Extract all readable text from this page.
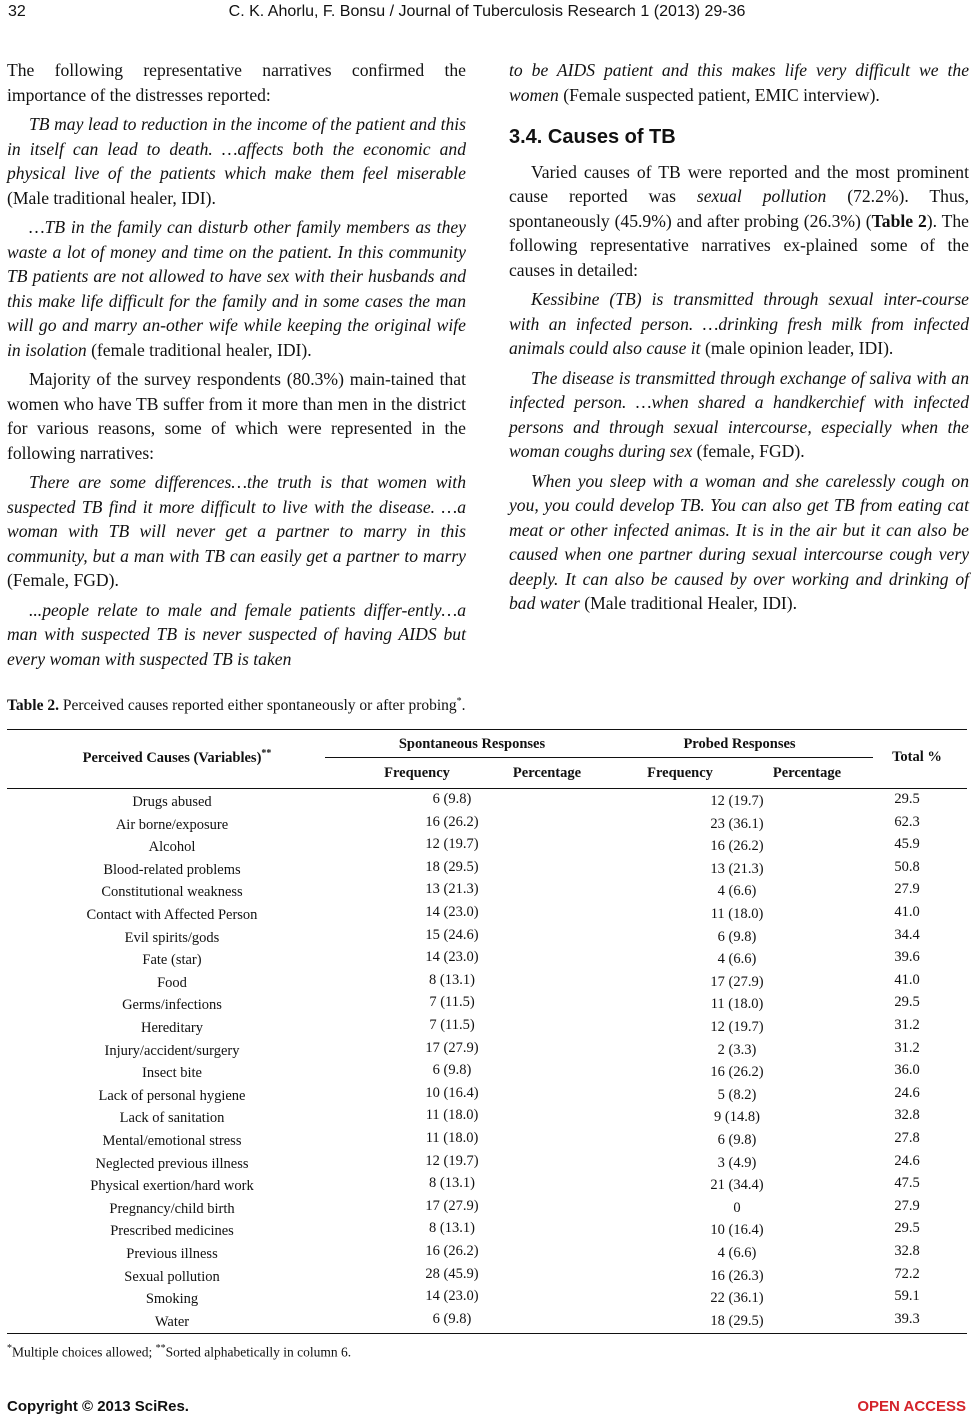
32	C. K. Ahorlu, F. Bonsu / Journal of Tuberculosis Research 1 (2013) 29-36

The following representative narratives confirmed the importance of the distresses reported:

TB may lead to reduction in the income of the patient and this in itself can lead to death. …affects both the economic and physical live of the patients which make them feel miserable (Male traditional healer, IDI).

…TB in the family can disturb other family members as they waste a lot of money and time on the patient. In this community TB patients are not allowed to have sex with their husbands and this make life difficult for the family and in some cases the man will go and marry an-other wife while keeping the original wife in isolation (female traditional healer, IDI).

Majority of the survey respondents (80.3%) main-tained that women who have TB suffer from it more than men in the district for various reasons, some of which were represented in the following narratives:

There are some differences…the truth is that women with suspected TB find it more difficult to live with the disease. …a woman with TB will never get a partner to marry in this community, but a man with TB can easily get a partner to marry (Female, FGD).

...people relate to male and female patients differ-ently…a man with suspected TB is never suspected of having AIDS but every woman with suspected TB is taken

to be AIDS patient and this makes life very difficult we the women (Female suspected patient, EMIC interview).

3.4. Causes of TB

Varied causes of TB were reported and the most prominent cause reported was sexual pollution (72.2%). Thus, spontaneously (45.9%) and after probing (26.3%) (Table 2). The following representative narratives ex-plained some of the causes in detailed:

Kessibine (TB) is transmitted through sexual inter-course with an infected person. …drinking fresh milk from infected animals could also cause it (male opinion leader, IDI).

The disease is transmitted through exchange of saliva with an infected person. …when shared a handkerchief with infected persons and through sexual intercourse, especially when the woman coughs during sex (female, FGD).

When you sleep with a woman and she carelessly cough on you, you could develop TB. You can also get TB from eating cat meat or other infected animas. It is in the air but it can also be caused when one partner during sexual intercourse cough very deeply. It can also be caused by over working and drinking of bad water (Male traditional Healer, IDI).

Table 2. Perceived causes reported either spontaneously or after probing*.
Perceived Causes (Variables)**
Spontaneous Responses	Probed Responses
Frequency	Percentage	Frequency	Percentage
Total %
Drugs abused	6 (9.8)	12 (19.7)	29.5
Air borne/exposure	16 (26.2)	23 (36.1)	62.3
Alcohol	12 (19.7)	16 (26.2)	45.9
Blood-related problems	18 (29.5)	13 (21.3)	50.8
Constitutional weakness	13 (21.3)	4 (6.6)	27.9
Contact with Affected Person	14 (23.0)	11 (18.0)	41.0
Evil spirits/gods	15 (24.6)	6 (9.8)	34.4
Fate (star)	14 (23.0)	4 (6.6)	39.6
Food	8 (13.1)	17 (27.9)	41.0
Germs/infections	7 (11.5)	11 (18.0)	29.5
Hereditary	7 (11.5)	12 (19.7)	31.2
Injury/accident/surgery	17 (27.9)	2 (3.3)	31.2
Insect bite	6 (9.8)	16 (26.2)	36.0
Lack of personal hygiene	10 (16.4)	5 (8.2)	24.6
Lack of sanitation	11 (18.0)	9 (14.8)	32.8
Mental/emotional stress	11 (18.0)	6 (9.8)	27.8
Neglected previous illness	12 (19.7)	3 (4.9)	24.6
Physical exertion/hard work	8 (13.1)	21 (34.4)	47.5
Pregnancy/child birth	17 (27.9)	0	27.9
Prescribed medicines	8 (13.1)	10 (16.4)	29.5
Previous illness	16 (26.2)	4 (6.6)	32.8
Sexual pollution	28 (45.9)	16 (26.3)	72.2
Smoking	14 (23.0)	22 (36.1)	59.1
Water	6 (9.8)	18 (29.5)	39.3
*Multiple choices allowed; **Sorted alphabetically in column 6.
Copyright © 2013 SciRes.	OPEN ACCESS
